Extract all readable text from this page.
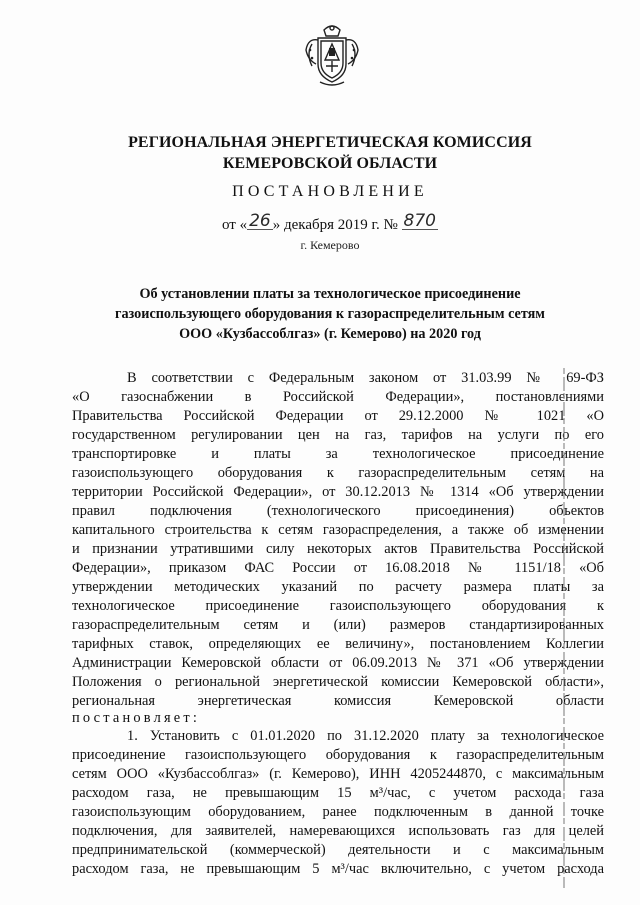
РЕГИОНАЛЬНАЯ ЭНЕРГЕТИЧЕСКАЯ КОМИССИЯ
КЕМЕРОВСКОЙ ОБЛАСТИ
ПОСТАНОВЛЕНИЕ
от « 26 » декабря 2019 г. № 870
г. Кемерово
Об установлении платы за технологическое присоединение
газоиспользующего оборудования к газораспределительным сетям
ООО «Кузбассоблгаз» (г. Кемерово) на 2020 год
В соответствии с Федеральным законом от 31.03.99 № 69-ФЗ
«О газоснабжении в Российской Федерации», постановлениями
Правительства Российской Федерации от 29.12.2000 № 1021 «О
государственном регулировании цен на газ, тарифов на услуги по его
транспортировке и платы за технологическое присоединение
газоиспользующего оборудования к газораспределительным сетям на
территории Российской Федерации», от 30.12.2013 № 1314 «Об утверждении
правил подключения (технологического присоединения) объектов
капитального строительства к сетям газораспределения, а также об изменении
и признании утратившими силу некоторых актов Правительства Российской
Федерации», приказом ФАС России от 16.08.2018 № 1151/18 «Об
утверждении методических указаний по расчету размера платы за
технологическое присоединение газоиспользующего оборудования к
газораспределительным сетям и (или) размеров стандартизированных
тарифных ставок, определяющих ее величину», постановлением Коллегии
Администрации Кемеровской области от 06.09.2013 № 371 «Об утверждении
Положения о региональной энергетической комиссии Кемеровской области»,
региональная энергетическая комиссия Кемеровской области
постановляет:
1. Установить с 01.01.2020 по 31.12.2020 плату за технологическое
присоединение газоиспользующего оборудования к газораспределительным
сетям ООО «Кузбассоблгаз» (г. Кемерово), ИНН 4205244870, с максимальным
расходом газа, не превышающим 15 м³/час, с учетом расхода газа
газоиспользующим оборудованием, ранее подключенным в данной точке
подключения, для заявителей, намеревающихся использовать газ для целей
предпринимательской (коммерческой) деятельности и с максимальным
расходом газа, не превышающим 5 м³/час включительно, с учетом расхода
